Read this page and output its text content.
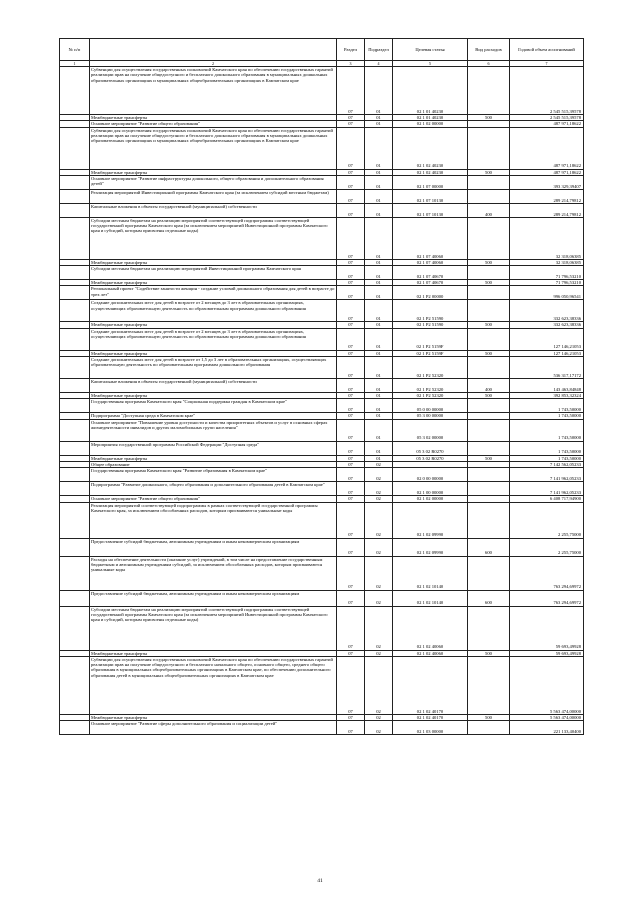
№ п/п		Раздел	Подраздел	Целевая статья	Вид расходов	Годовой объем ассигнований
1	2	3	4	5	6	7
	Субвенции для осуществления государственных полномочий Камчатского края по обеспечению государственных гарантий реализации прав на получение общедоступного и бесплатного дошкольного образования в муниципальных дошкольных образовательных организациях и муниципальных общеобразовательных организациях в Камчатском крае	07	01	02 1 01 40230		2 545 515,39578
	Межбюджетные трансферты	07	01	02 1 01 40230	500	2 545 515,39578
	Основное мероприятие "Развитие общего образования"	07	01	02 1 02 00000		487 971,18622
	Субвенции для осуществления государственных полномочий Камчатского края по обеспечению государственных гарантий реализации прав на получение общедоступного и бесплатного дошкольного образования в муниципальных дошкольных образовательных организациях и муниципальных общеобразовательных организациях в Камчатском крае	07	01	02 1 02 40230		487 971,18622
	Межбюджетные трансферты	07	01	02 1 02 40230	500	487 971,18622
	Основное мероприятие "Развитие инфраструктуры дошкольного, общего образования и дополнительного образования детей"	07	01	02 1 07 00000		393 329,39407
	Реализация мероприятий Инвестиционной программы Камчатского края (за исключением субсидий местным бюджетам)	07	01	02 1 07 10130		289 214,79812
	Капитальные вложения в объекты государственной (муниципальной) собственности	07	01	02 1 07 10130	400	289 214,79812
	Субсидии местным бюджетам на реализацию мероприятий соответствующей подпрограммы соответствующей государственной программы Камчатского края (за исключением мероприятий Инвестиционной программы Камчатского края и субсидий, которым присвоены отдельные коды)	07	01	02 1 07 40060		32 318,06385
	Межбюджетные трансферты	07	01	02 1 07 40060	500	32 318,06385
	Субсидии местным бюджетам на реализацию мероприятий Инвестиционной программы Камчатского края	07	01	02 1 07 40670		71 796,53210
	Межбюджетные трансферты	07	01	02 1 07 40670	500	71 796,53210
	Региональный проект "Содействие занятости женщин - создание условий дошкольного образования для детей в возрасте до трех лет"	07	01	02 1 P2 00000		996 050,96541
	Создание дополнительных мест для детей в возрасте от 2 месяцев до 3 лет в образовательных организациях, осуществляющих образовательную деятельность по образовательным программам дошкольного образования	07	01	02 1 P2 51590		332 623,38336
	Межбюджетные трансферты	07	01	02 1 P2 51590	500	332 623,38336
	Создание дополнительных мест для детей в возрасте от 2 месяцев до 3 лет в образовательных организациях, осуществляющих образовательную деятельность по образовательным программам дошкольного образования	07	01	02 1 P2 5159F		127 146,21053
	Межбюджетные трансферты	07	01	02 1 P2 5159F	500	127 146,21053
	Создание дополнительных мест для детей в возрасте от 1,5 до 3 лет в образовательных организациях, осуществляющих образовательную деятельность по образовательным программам дошкольного образования	07	01	02 1 P2 52320		536 317,17172
	Капитальные вложения в объекты государственной (муниципальной) собственности	07	01	02 1 P2 52320	400	143 463,84848
	Межбюджетные трансферты	07	01	02 1 P2 52320	500	392 853,32324
	Государственная программа Камчатского края "Социальная поддержка граждан в Камчатском крае"	07	01	05 0 00 00000		1 743,50000
	Подпрограмма "Доступная среда в Камчатском крае"	07	01	05 3 00 00000		1 743,50000
	Основное мероприятие "Повышение уровня доступности и качества приоритетных объектов и услуг в основных сферах жизнедеятельности инвалидов и других маломобильных групп населения"	07	01	05 3 02 00000		1 743,50000
	Мероприятия государственной программы Российской Федерации "Доступная среда"	07	01	05 3 02 R0270		1 743,50000
	Межбюджетные трансферты	07	01	05 3 02 R0270	500	1 743,50000
	Общее образование	07	02			7 142 562,05233
	Государственная программа Камчатского края "Развитие образования в Камчатском крае"	07	02	02 0 00 00000		7 141 962,05233
	Подпрограмма "Развитие дошкольного, общего образования и дополнительного образования детей в Камчатском крае"	07	02	02 1 00 00000		7 141 962,05233
	Основное мероприятие "Развитие общего образования"	07	02	02 1 02 00000		6 408 717,94900
	Реализация мероприятий соответствующей подпрограммы в рамках соответствующей государственной программы Камчатского края, за исключением обособленных расходов, которым присваиваются уникальные коды	07	02	02 1 02 09990		2 255,75000
	Предоставление субсидий бюджетным, автономным учреждениям и иным некоммерческим организациям	07	02	02 1 02 09990	600	2 255,75000
	Расходы на обеспечение деятельности (оказание услуг) учреждений, в том числе на предоставление государственным бюджетным и автономным учреждениям субсидий, за исключением обособленных расходов, которым присваиваются уникальные коды	07	02	02 1 02 10140		763 294,69972
	Предоставление субсидий бюджетным, автономным учреждениям и иным некоммерческим организациям	07	02	02 1 02 10140	600	763 294,69972
	Субсидии местным бюджетам на реализацию мероприятий соответствующей подпрограммы соответствующей государственной программы Камчатского края (за исключением мероприятий Инвестиционной программы Камчатского края и субсидий, которым присвоены отдельные коды)	07	02	02 1 02 40060		59 693,49928
	Межбюджетные трансферты	07	02	02 1 02 40060	500	59 693,49928
	Субвенции для осуществления государственных полномочий Камчатского края по обеспечению государственных гарантий реализации прав на получение общедоступного и бесплатного начального общего, основного общего, среднего общего образования в муниципальных общеобразовательных организациях в Камчатском крае, по обеспечению дополнительного образования детей в муниципальных общеобразовательных организациях в Камчатском крае	07	02	02 1 02 40170		5 563 474,00000
	Межбюджетные трансферты	07	02	02 1 02 40170	500	5 563 474,00000
	Основное мероприятие "Развитие сферы дополнительного образования и социализации детей"	07	02	02 1 03 00000		221 133,40400
41
